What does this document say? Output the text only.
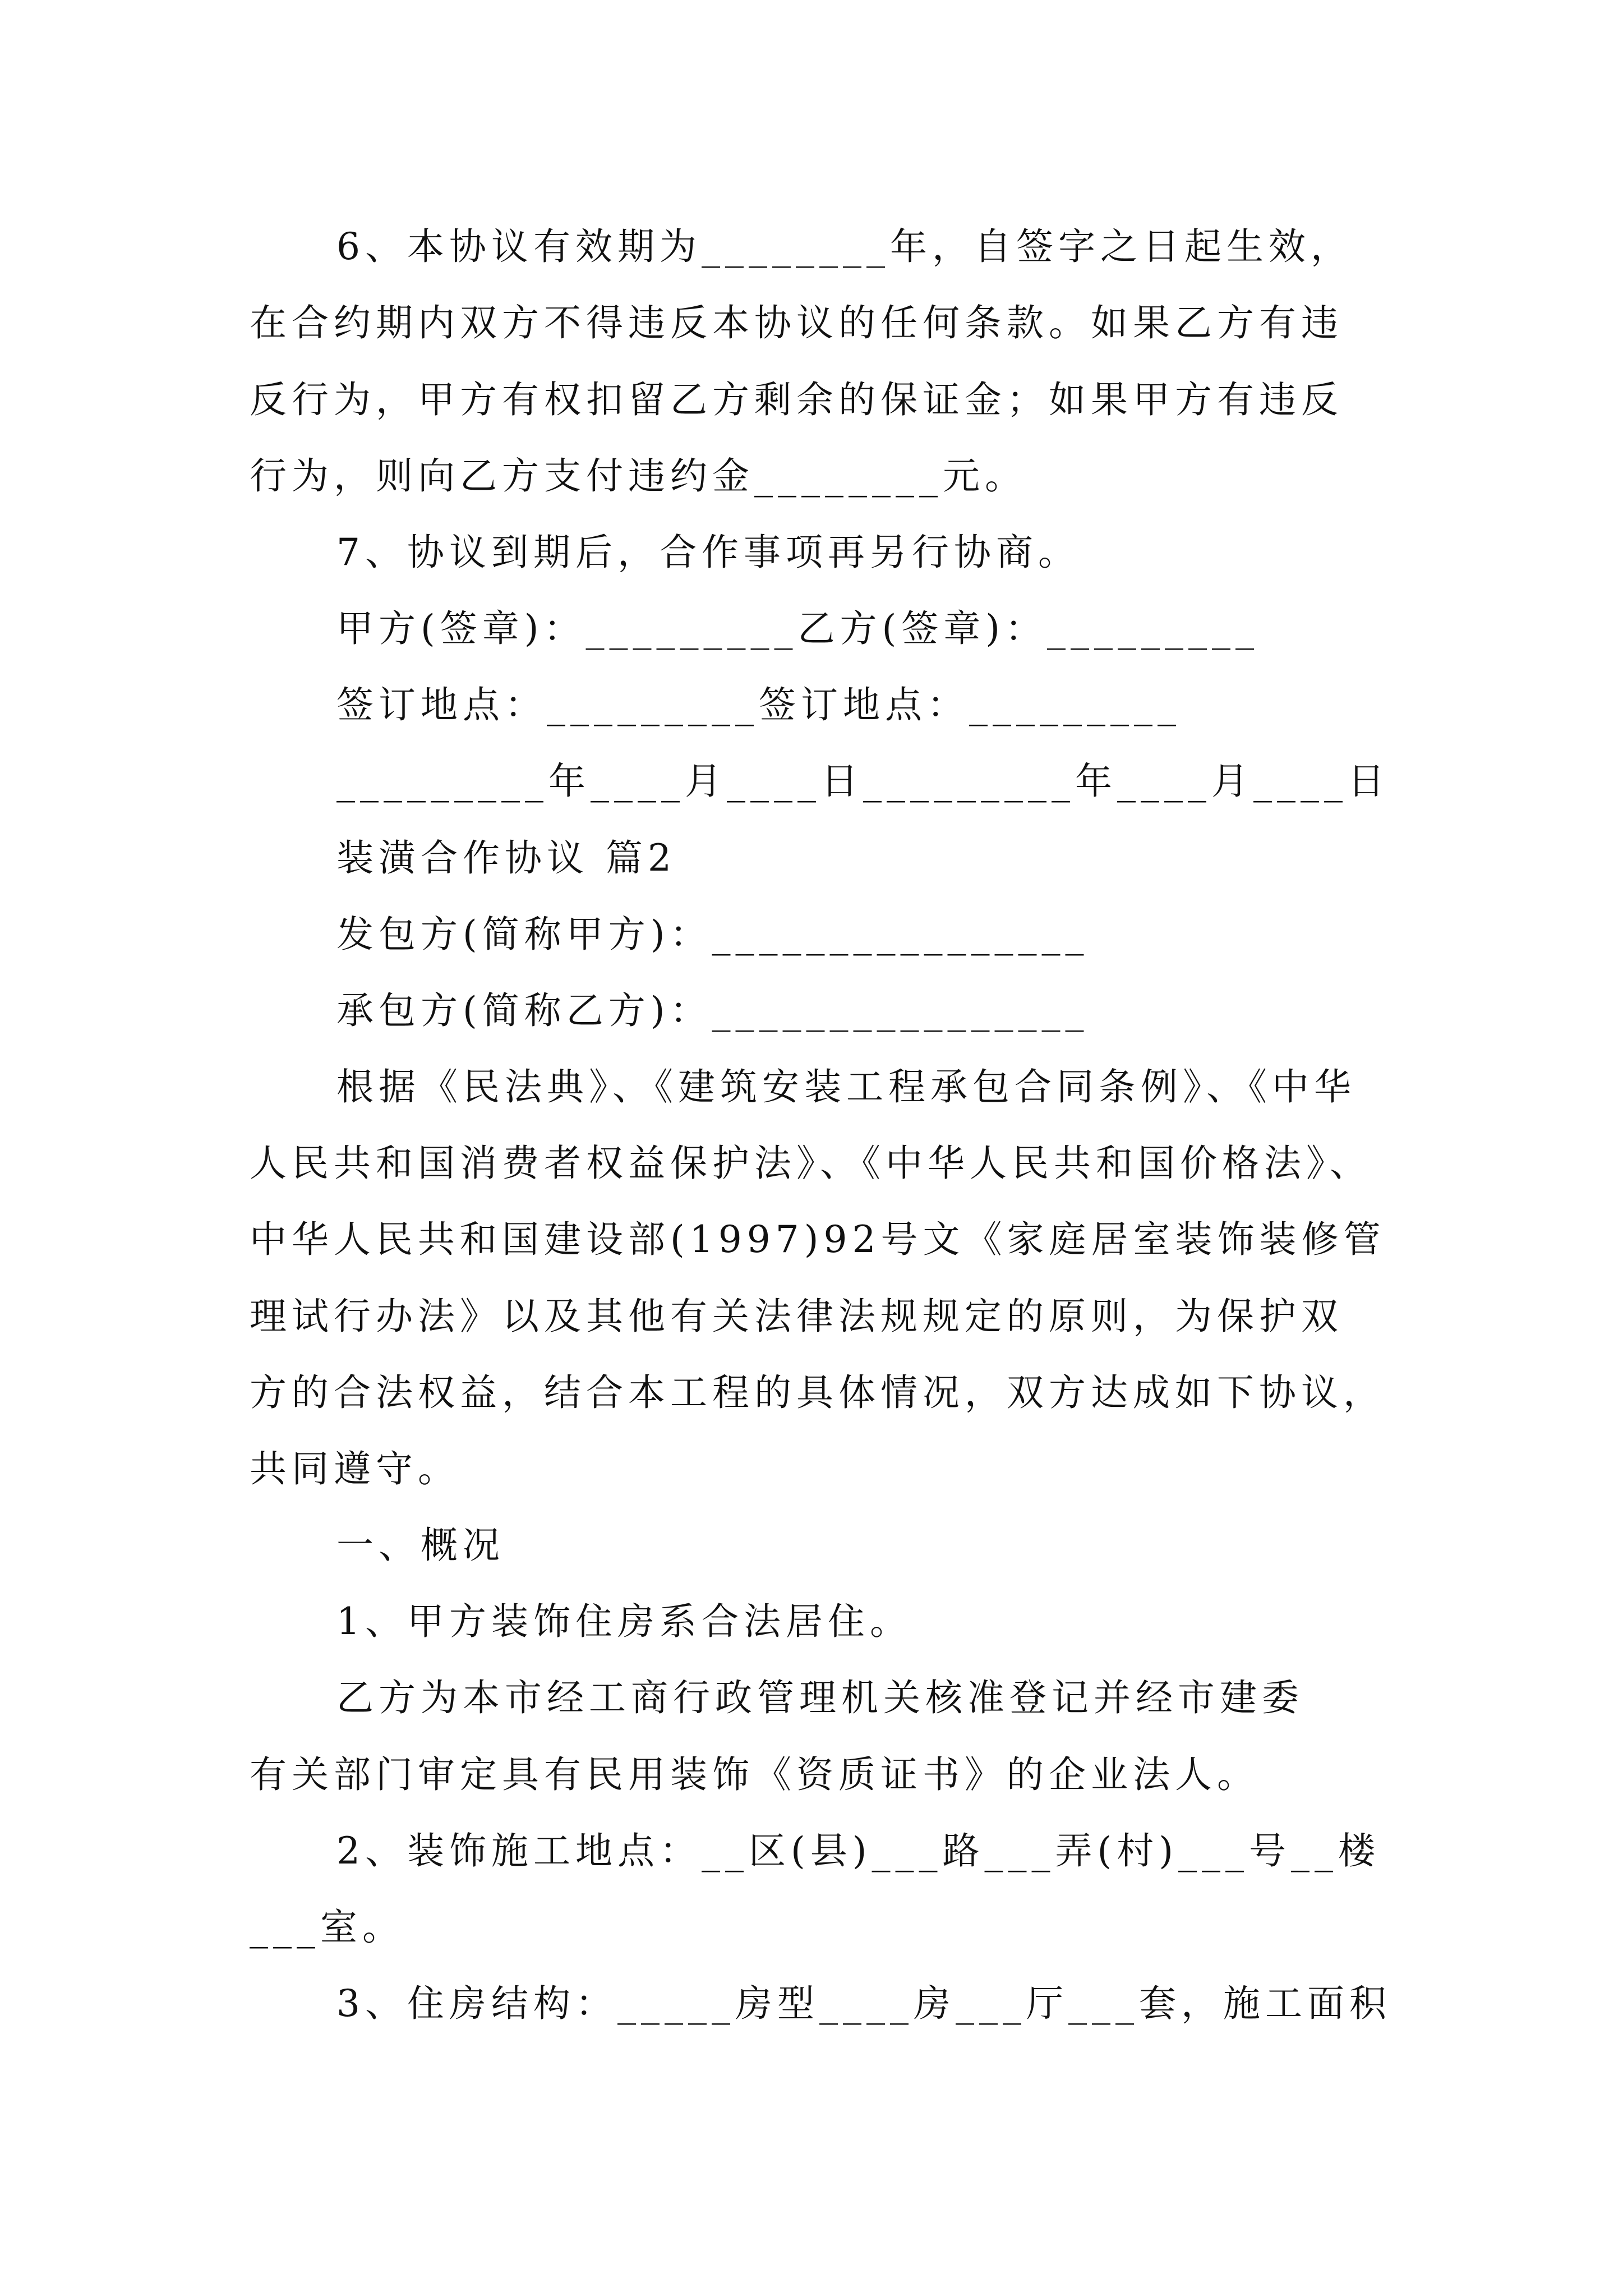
6、本协议有效期为________年，自签字之日起生效，
在合约期内双方不得违反本协议的任何条款。如果乙方有违
反行为，甲方有权扣留乙方剩余的保证金；如果甲方有违反
行为，则向乙方支付违约金________元。
7、协议到期后，合作事项再另行协商。
甲方(签章)：_________乙方(签章)：_________
签订地点：_________签订地点：_________
_________年____月____日_________年____月____日
装潢合作协议 篇2
发包方(简称甲方)：________________
承包方(简称乙方)：________________
根据《民法典》、《建筑安装工程承包合同条例》、《中华
人民共和国消费者权益保护法》、《中华人民共和国价格法》、
中华人民共和国建设部(1997)92号文《家庭居室装饰装修管
理试行办法》以及其他有关法律法规规定的原则，为保护双
方的合法权益，结合本工程的具体情况，双方达成如下协议，
共同遵守。
一、概况
1、甲方装饰住房系合法居住。
乙方为本市经工商行政管理机关核准登记并经市建委
有关部门审定具有民用装饰《资质证书》的企业法人。
2、装饰施工地点：__区(县)___路___弄(村)___号__楼
___室。
3、住房结构：_____房型____房___厅___套，施工面积
